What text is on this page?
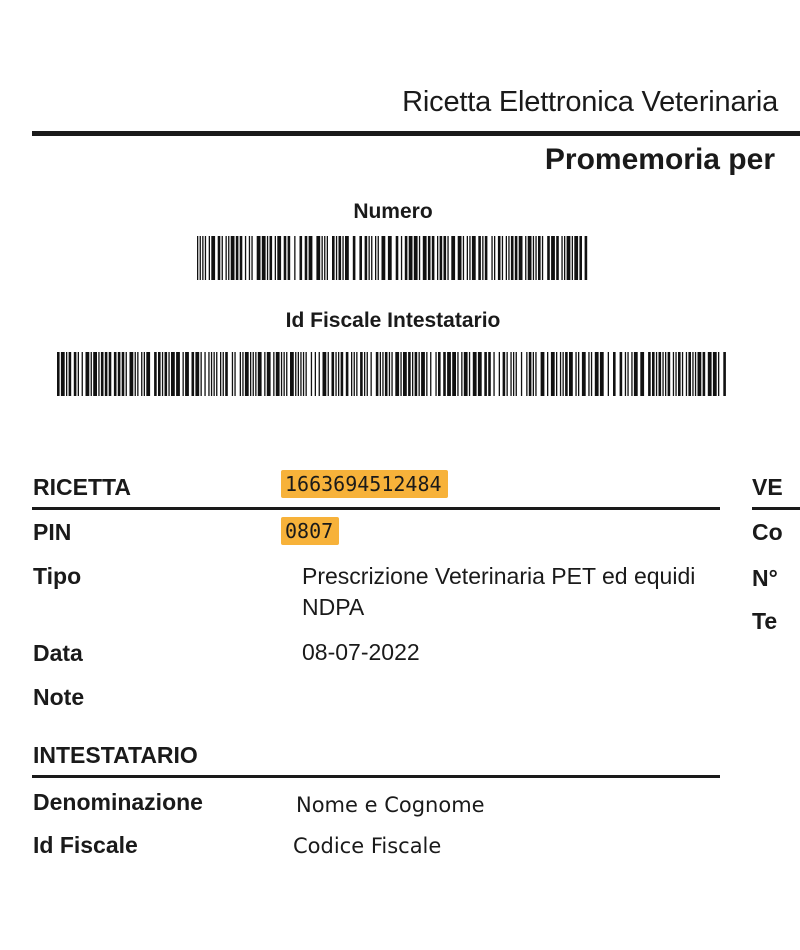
Ricetta Elettronica Veterinaria
Promemoria per
Numero
Id Fiscale Intestatario
RICETTA	1663694512484
PIN	0807
Tipo	Prescrizione Veterinaria PET ed equidi NDPA
Data	08-07-2022
Note
VE
Co
N°
Te
INTESTATARIO
Denominazione	Nome e Cognome
Id Fiscale	Codice Fiscale
